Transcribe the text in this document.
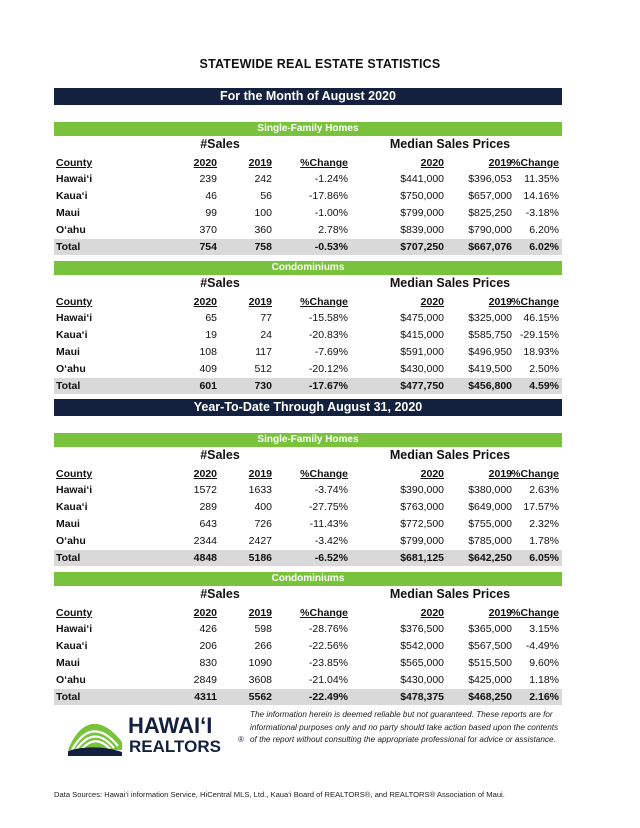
STATEWIDE REAL ESTATE STATISTICS
For the Month of August 2020
Single-Family Homes
#Sales	Median Sales Prices
County	2020	2019	%Change	2020	2019 %Change
Hawai‘i	239	242	-1.24%	$441,000 $396,053 11.35%
Kaua‘i	46	56	-17.86%	$750,000 $657,000 14.16%
Maui	99	100	-1.00%	$799,000 $825,250 -3.18%
O‘ahu	370	360	2.78%	$839,000 $790,000 6.20%
Total	754	758	-0.53%	$707,250 $667,076 6.02%
Condominiums
#Sales	Median Sales Prices
County	2020	2019	%Change	2020	2019 %Change
Hawai‘i	65	77	-15.58%	$475,000 $325,000 46.15%
Kaua‘i	19	24	-20.83%	$415,000 $585,750 -29.15%
Maui	108	117	-7.69%	$591,000 $496,950 18.93%
O‘ahu	409	512	-20.12%	$430,000 $419,500 2.50%
Total	601	730	-17.67%	$477,750 $456,800 4.59%
Year-To-Date Through August 31, 2020
Single-Family Homes
#Sales	Median Sales Prices
County	2020	2019	%Change	2020	2019 %Change
Hawai‘i	1572	1633	-3.74%	$390,000 $380,000 2.63%
Kaua‘i	289	400	-27.75%	$763,000 $649,000 17.57%
Maui	643	726	-11.43%	$772,500 $755,000 2.32%
O‘ahu	2344	2427	-3.42%	$799,000 $785,000 1.78%
Total	4848	5186	-6.52%	$681,125 $642,250 6.05%
Condominiums
#Sales	Median Sales Prices
County	2020	2019	%Change	2020	2019 %Change
Hawai‘i	426	598	-28.76%	$376,500 $365,000 3.15%
Kaua‘i	206	266	-22.56%	$542,000 $567,500 -4.49%
Maui	830	1090	-23.85%	$565,000 $515,500 9.60%
O‘ahu	2849	3608	-21.04%	$430,000 $425,000 1.18%
Total	4311	5562	-22.49%	$478,375 $468,250 2.16%
HAWAI‘I
REALTORS ®
The information herein is deemed reliable but not guaranteed. These reports are for informational purposes only and no party should take action based upon the contents of the report without consulting the appropriate professional for advice or assistance.
Data Sources: Hawai‘i information Service, HiCentral MLS, Ltd., Kaua‘i Board of REALTORS®, and REALTORS® Association of Maui.
